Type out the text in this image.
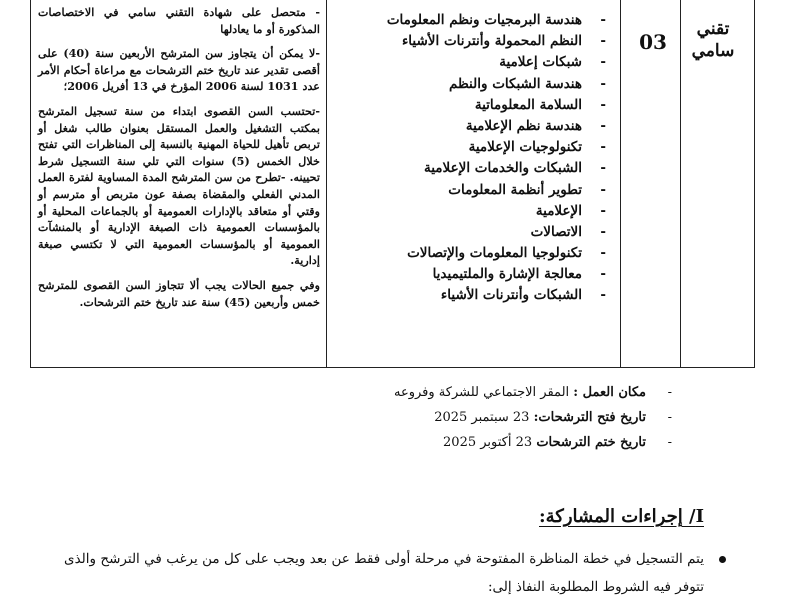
تقني
سامي
03
- هندسة البرمجيات ونظم المعلومات
- النظم المحمولة وأنترنات الأشياء
- شبكات إعلامية
- هندسة الشبكات والنظم
- السلامة المعلوماتية
- هندسة نظم الإعلامية
- تكنولوجيات الإعلامية
- الشبكات والخدمات الإعلامية
- تطوير أنظمة المعلومات
- الإعلامية
- الاتصالات
- تكنولوجيا المعلومات والإتصالات
- معالجة الإشارة والملتيميديا
- الشبكات وأنترنات الأشياء

- متحصل على شهادة التقني سامي في الاختصاصات المذكورة أو ما يعادلها

-لا يمكن أن يتجاوز سن المترشح الأربعين سنة (40) على أقصى تقدير عند تاريخ ختم الترشحات مع مراعاة أحكام الأمر عدد 1031 لسنة 2006 المؤرخ في 13 أفريل 2006؛

-تحتسب السن القصوى ابتداء من سنة تسجيل المترشح بمكتب التشغيل والعمل المستقل بعنوان طالب شغل أو تربص تأهيل للحياة المهنية بالنسبة إلى المناظرات التي تفتح خلال الخمس (5) سنوات التي تلي سنة التسجيل شرط تحيينه. -تطرح من سن المترشح المدة المساوية لفترة العمل المدني الفعلي والمقضاة بصفة عون متربص أو مترسم أو وقتي أو متعاقد بالإدارات العمومية أو بالجماعات المحلية أو بالمؤسسات العمومية ذات الصبغة الإدارية أو بالمنشآت العمومية أو بالمؤسسات العمومية التي لا تكتسي صبغة إدارية.

وفي جميع الحالات يجب ألا تتجاوز السن القصوى للمترشح خمس وأربعين (45) سنة عند تاريخ ختم الترشحات.

- مكان العمل : المقر الاجتماعي للشركة وفروعه
- تاريخ فتح الترشحات: 23 سبتمبر 2025
- تاريخ ختم الترشحات 23 أكتوبر 2025
I/ إجراءات المشاركة:
يتم التسجيل في خطة المناظرة المفتوحة في مرحلة أولى فقط عن بعد ويجب على كل من يرغب في الترشح والذى تتوفر فيه الشروط المطلوبة النفاذ إلى:
